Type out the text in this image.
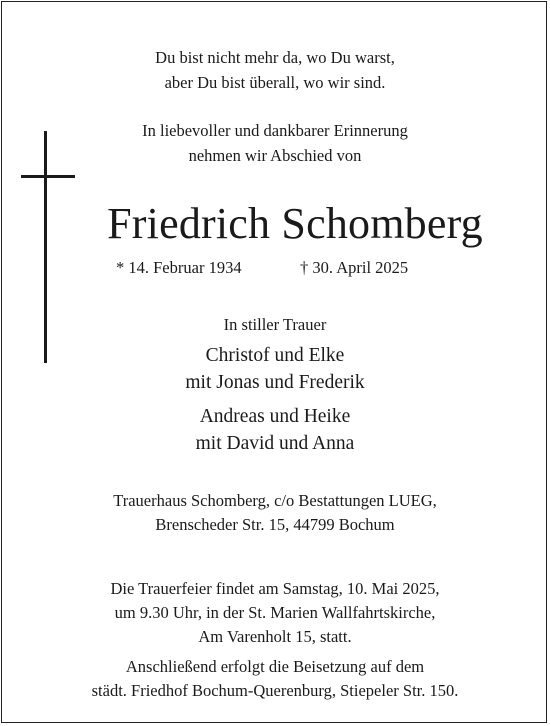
Du bist nicht mehr da, wo Du warst,
aber Du bist überall, wo wir sind.
In liebevoller und dankbarer Erinnerung
nehmen wir Abschied von
Friedrich Schomberg
* 14. Februar 1934	† 30. April 2025
In stiller Trauer
Christof und Elke
mit Jonas und Frederik
Andreas und Heike
mit David und Anna
Trauerhaus Schomberg, c/o Bestattungen LUEG,
Brenscheder Str. 15, 44799 Bochum
Die Trauerfeier findet am Samstag, 10. Mai 2025,
um 9.30 Uhr, in der St. Marien Wallfahrtskirche,
Am Varenholt 15, statt.
Anschließend erfolgt die Beisetzung auf dem
städt. Friedhof Bochum-Querenburg, Stiepeler Str. 150.
